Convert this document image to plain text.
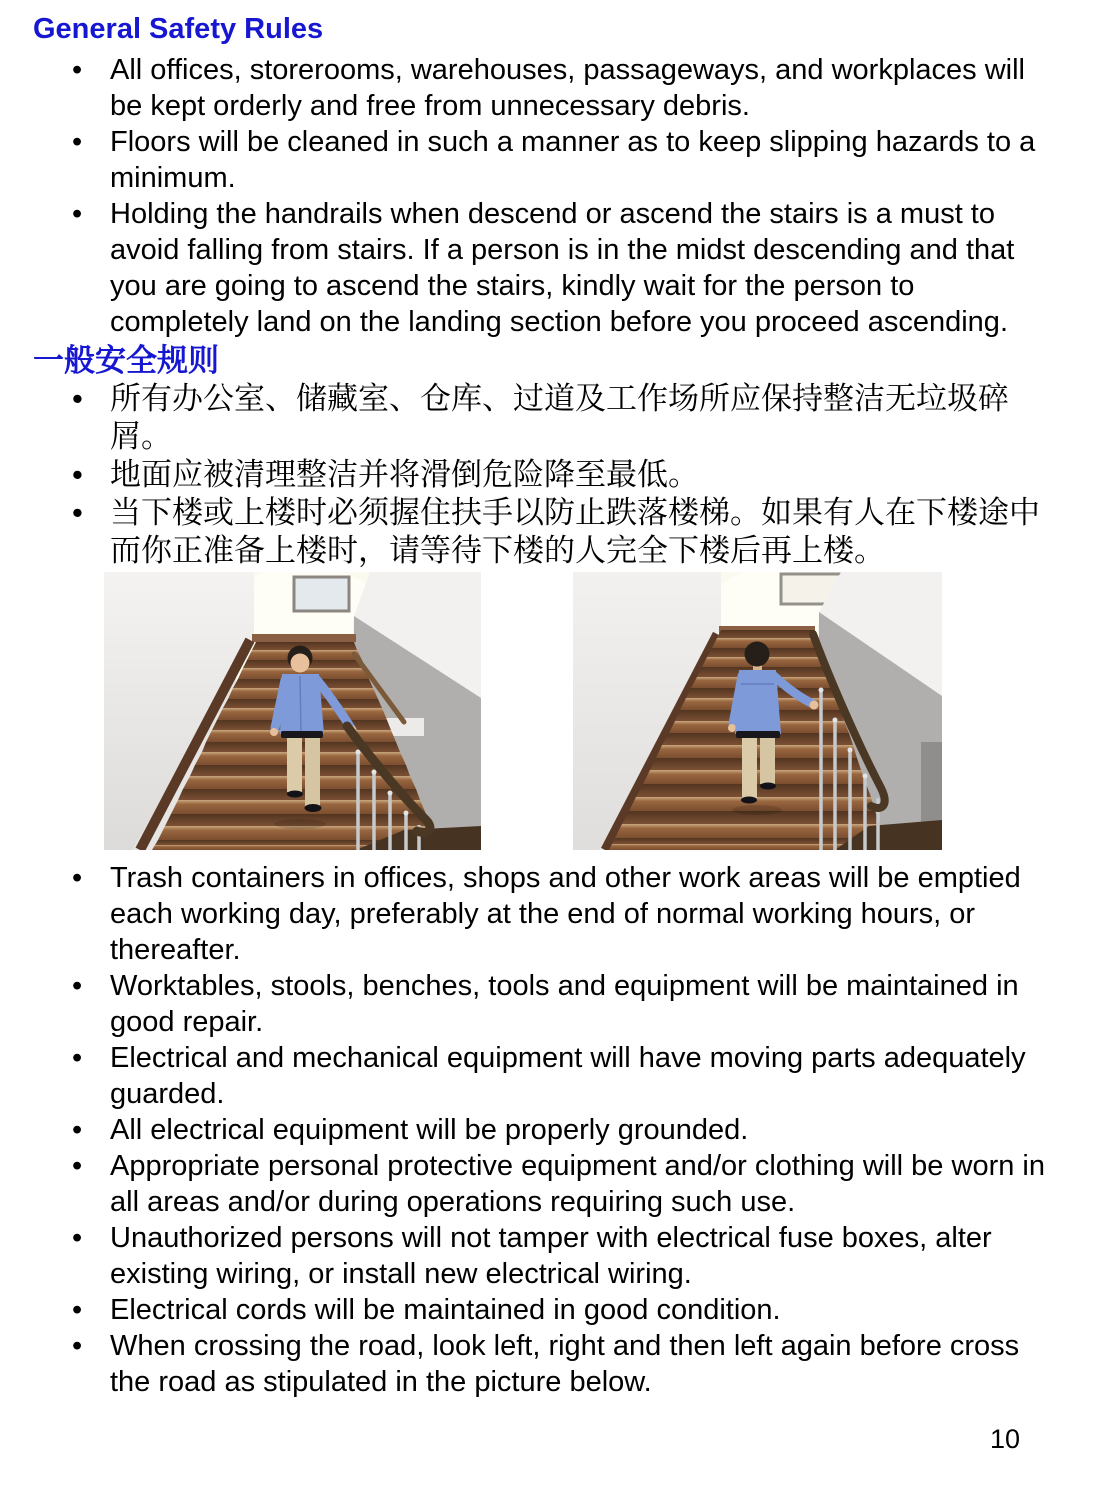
General Safety Rules
• All offices, storerooms, warehouses, passageways, and workplaces will be kept orderly and free from unnecessary debris.
• Floors will be cleaned in such a manner as to keep slipping hazards to a minimum.
• Holding the handrails when descend or ascend the stairs is a must to avoid falling from stairs. If a person is in the midst descending and that you are going to ascend the stairs, kindly wait for the person to completely land on the landing section before you proceed ascending.
一般安全规则
• 所有办公室、储藏室、仓库、过道及工作场所应保持整洁无垃圾碎屑。
• 地面应被清理整洁并将滑倒危险降至最低。
• 当下楼或上楼时必须握住扶手以防止跌落楼梯。如果有人在下楼途中而你正准备上楼时，请等待下楼的人完全下楼后再上楼。
• Trash containers in offices, shops and other work areas will be emptied each working day, preferably at the end of normal working hours, or thereafter.
• Worktables, stools, benches, tools and equipment will be maintained in good repair.
• Electrical and mechanical equipment will have moving parts adequately guarded.
• All electrical equipment will be properly grounded.
• Appropriate personal protective equipment and/or clothing will be worn in all areas and/or during operations requiring such use.
• Unauthorized persons will not tamper with electrical fuse boxes, alter existing wiring, or install new electrical wiring.
• Electrical cords will be maintained in good condition.
• When crossing the road, look left, right and then left again before cross the road as stipulated in the picture below.
10
